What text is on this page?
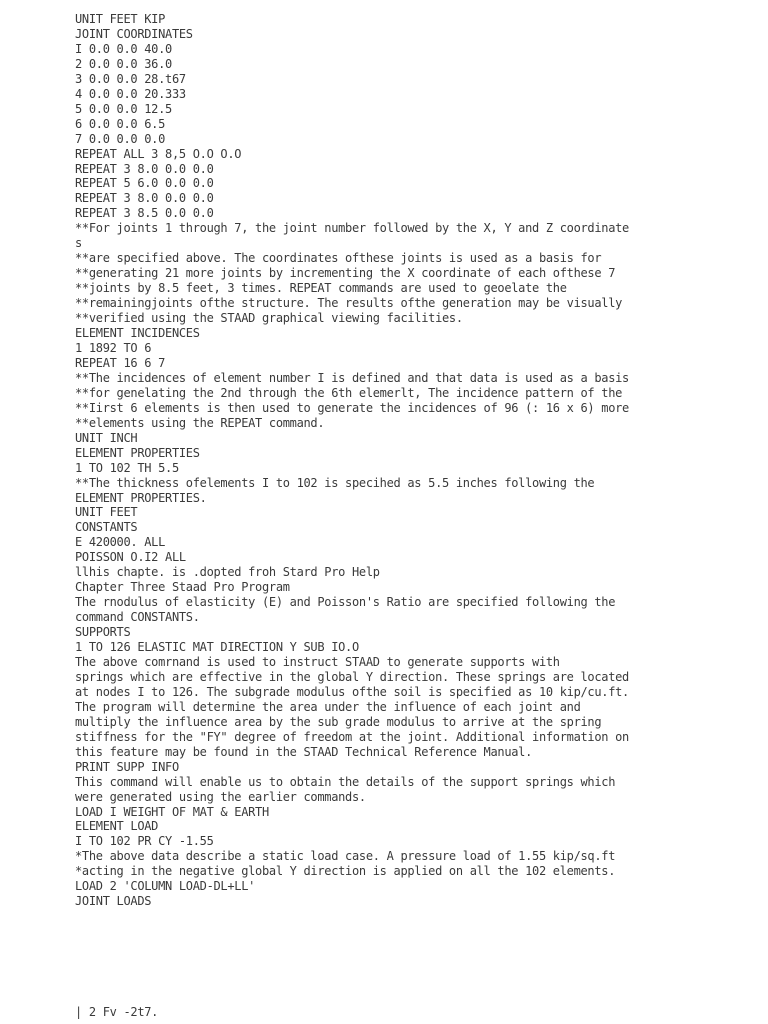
UNIT FEET KIP
JOINT COORDINATES
I 0.0 0.0 40.0
2 0.0 0.0 36.0
3 0.0 0.0 28.t67
4 0.0 0.0 20.333
5 0.0 0.0 12.5
6 0.0 0.0 6.5
7 0.0 0.0 0.0
REPEAT ALL 3 8,5 O.O O.O
REPEAT 3 8.0 0.0 0.0
REPEAT 5 6.0 0.0 0.0
REPEAT 3 8.0 0.0 0.0
REPEAT 3 8.5 0.0 0.0
**For joints 1 through 7, the joint number followed by the X, Y and Z coordinate
s
**are specified above. The coordinates ofthese joints is used as a basis for
**generating 21 more joints by incrementing the X coordinate of each ofthese 7
**joints by 8.5 feet, 3 times. REPEAT commands are used to geoelate the
**remainingjoints ofthe structure. The results ofthe generation may be visually
**verified using the STAAD graphical viewing facilities.
ELEMENT INCIDENCES
1 1892 TO 6
REPEAT 16 6 7
**The incidences of element number I is defined and that data is used as a basis
**for genelating the 2nd through the 6th elemerlt, The incidence pattern of the
**Iirst 6 elements is then used to generate the incidences of 96 (: 16 x 6) more
**elements using the REPEAT command.
UNIT INCH
ELEMENT PROPERTIES
1 TO 102 TH 5.5
**The thickness ofelements I to 102 is specihed as 5.5 inches following the
ELEMENT PROPERTIES.
UNIT FEET
CONSTANTS
E 420000. ALL
POISSON O.I2 ALL
llhis chapte. is .dopted froh Stard Pro Help
Chapter Three Staad Pro Program
The rnodulus of elasticity (E) and Poisson's Ratio are specified following the
command CONSTANTS.
SUPPORTS
1 TO 126 ELASTIC MAT DIRECTION Y SUB IO.O
The above comrnand is used to instruct STAAD to generate supports with
springs which are effective in the global Y direction. These springs are located
at nodes I to 126. The subgrade modulus ofthe soil is specified as 10 kip/cu.ft.
The program will determine the area under the influence of each joint and
multiply the influence area by the sub grade modulus to arrive at the spring
stiffness for the "FY" degree of freedom at the joint. Additional information on
this feature may be found in the STAAD Technical Reference Manual.
PRINT SUPP INFO
This command will enable us to obtain the details of the support springs which
were generated using the earlier commands.
LOAD I WEIGHT OF MAT & EARTH
ELEMENT LOAD
I TO 102 PR CY -1.55
*The above data describe a static load case. A pressure load of 1.55 kip/sq.ft
*acting in the negative global Y direction is applied on all the 102 elements.
LOAD 2 'COLUMN LOAD-DL+LL'
JOINT LOADS
| 2 Fv -2t7.
